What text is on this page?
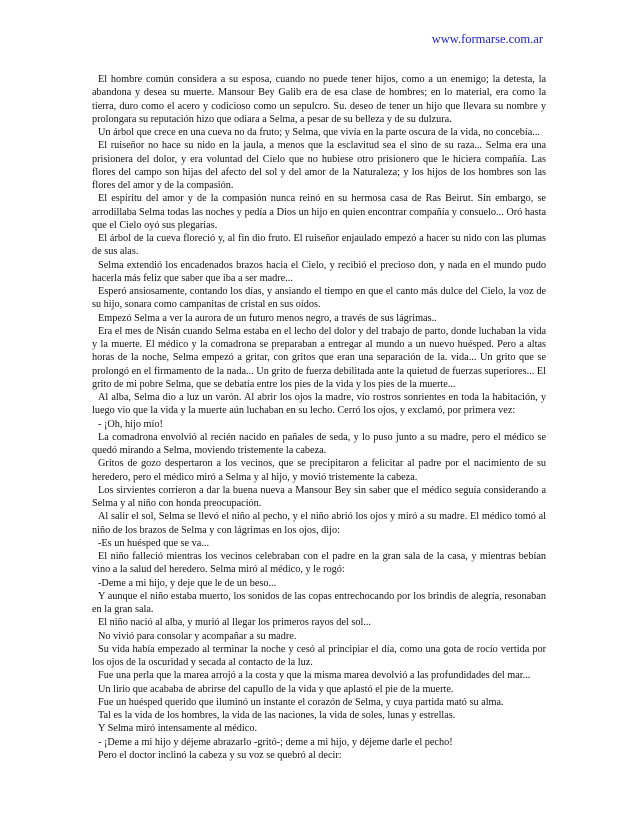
www.formarse.com.ar

El hombre común considera a su esposa, cuando no puede tener hijos, como a un enemigo; la detesta, la abandona y desea su muerte. Mansour Bey Galib era de esa clase de hombres; en lo material, era como la tierra, duro como el acero y codicioso como un sepulcro. Su. deseo de tener un hijo que llevara su nombre y prolongara su reputación hizo que odiara a Selma, a pesar de su belleza y de su dulzura.

Un árbol que crece en una cueva no da fruto; y Selma, que vivía en la parte oscura de la vida, no concebía...

El ruiseñor no hace su nido en la jaula, a menos que la esclavitud sea el sino de su raza... Selma era una prisionera del dolor, y era voluntad del Cielo que no hubiese otro prisionero que le hiciera compañía. Las flores del campo son hijas del afecto del sol y del amor de la Naturaleza; y los hijos de los hombres son las flores del amor y de la compasión.

El espíritu del amor y de la compasión nunca reinó en su hermosa casa de Ras Beirut. Sin embargo, se arrodillaba Selma todas las noches y pedía a Dios un hijo en quien encontrar compañía y consuelo... Oró hasta que el Cielo oyó sus plegarias.

El árbol de la cueva floreció y, al fin dio fruto. El ruiseñor enjaulado empezó a hacer su nido con las plumas de sus alas.

Selma extendió los encadenados brazos hacia el Cielo, y recibió el precioso don, y nada en el mundo pudo hacerla más feliz que saber que iba a ser madre...

Esperó ansiosamente, contando los días, y ansiando el tiempo en que el canto más dulce del Cielo, la voz de su hijo, sonara como campanitas de cristal en sus oídos.

Empezó Selma a ver la aurora de un futuro menos negro, a través de sus lágrimas..

Era el mes de Nisán cuando Selma estaba en el lecho del dolor y del trabajo de parto, donde luchaban la vida y la muerte. El médico y la comadrona se preparaban a entregar al mundo a un nuevo huésped. Pero a altas horas de la noche, Selma empezó a gritar, con gritos que eran una separación de la. vida... Un grito que se prolongó en el firmamento de la nada... Un grito de fuerza debilitada ante la quietud de fuerzas superiores... El grito de mi pobre Selma, que se debatía entre los pies de la vida y los pies de la muerte...

Al alba, Selma dio a luz un varón. Al abrir los ojos la madre, vio rostros sonrientes en toda la habitación, y luego vio que la vida y la muerte aún luchaban en su lecho. Cerró los ojos, y exclamó, por primera vez:

- ¡Oh, hijo mío!

La comadrona envolvió al recién nacido en pañales de seda, y lo puso junto a su madre, pero el médico se quedó mirando a Selma, moviendo tristemente la cabeza.

Gritos de gozo despertaron a los vecinos, que se precipitaron a felicitar al padre por el nacimiento de su heredero, pero el médico miró a Selma y al hijo, y movió tristemente la cabeza.

Los sirvientes corrieron a dar la buena nueva a Mansour Bey sin saber que el médico seguía considerando a Selma y al niño con honda preocupación.

Al salir el sol, Selma se llevó el niño al pecho, y el niño abrió los ojos y miró a su madre. El médico tomó al niño de los brazos de Selma y con lágrimas en los ojos, dijo:

-Es un huésped que se va...

El niño falleció mientras los vecinos celebraban con el padre en la gran sala de la casa, y mientras bebían vino a la salud del heredero. Selma miró al médico, y le rogó:

-Deme a mi hijo, y deje que le de un beso...

Y aunque el niño estaba muerto, los sonidos de las copas entrechocando por los brindis de alegría, resonaban en la gran sala.

El niño nació al alba, y murió al llegar los primeros rayos del sol...

No vivió para consolar y acompañar a su madre.

Su vida había empezado al terminar la noche y cesó al principiar el día, como una gota de rocío vertida por los ojos de la oscuridad y secada al contacto de la luz.

Fue una perla que la marea arrojó a la costa y que la misma marea devolvió a las profundidades del mar...

Un lirio que acababa de abrirse del capullo de la vida y que aplastó el pie de la muerte.

Fue un huésped querido que iluminó un instante el corazón de Selma, y cuya partida mató su alma.

Tal es la vida de los hombres, la vida de las naciones, la vida de soles, lunas y estrellas.

Y Selma miró intensamente al médico.

- ¡Deme a mi hijo y déjeme abrazarlo -gritó-; deme a mi hijo, y déjeme darle el pecho!

Pero el doctor inclinó la cabeza y su voz se quebró al decir:
